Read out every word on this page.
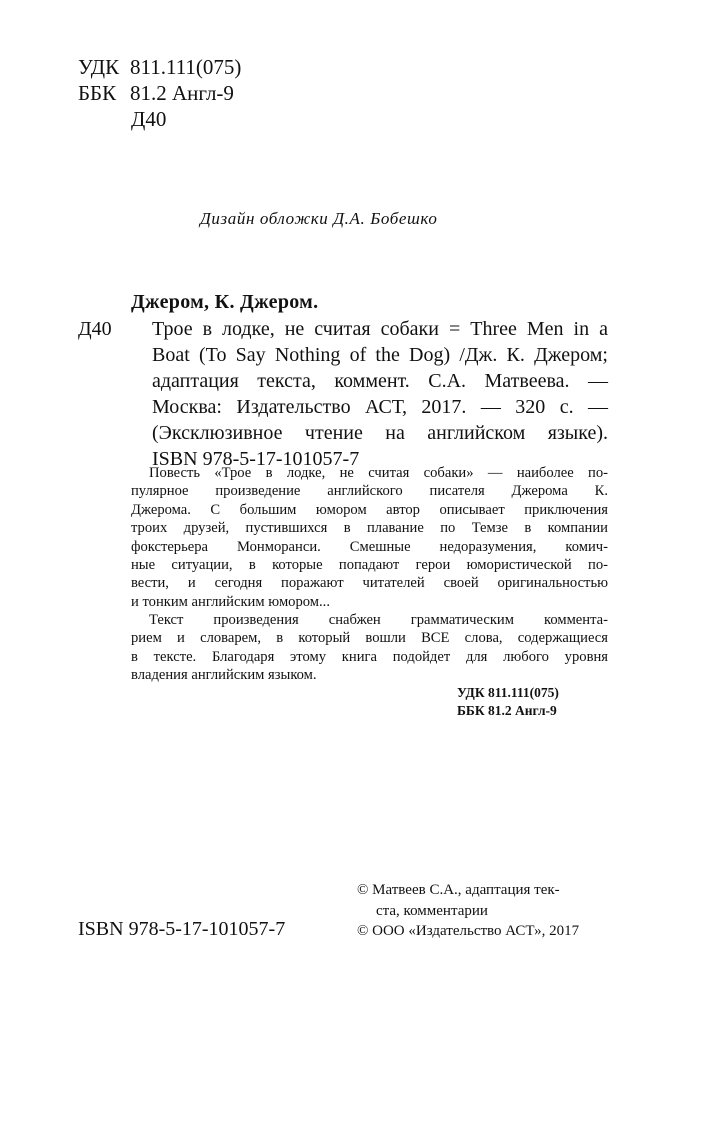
УДК 811.111(075)
ББК 81.2 Англ-9
Д40
Дизайн обложки Д.А. Бобешко
Джером, К. Джером.
Д40 Трое в лодке, не считая собаки = Three Men in a
Boat (To Say Nothing of the Dog) /Дж. К. Джером;
адаптация текста, коммент. С.А. Матвеева. —
Москва: Издательство АСТ, 2017. — 320 с. —
(Эксклюзивное чтение на английском языке).
ISBN 978-5-17-101057-7
Повесть «Трое в лодке, не считая собаки» — наиболее по-
пулярное произведение английского писателя Джерома К.
Джерома. С большим юмором автор описывает приключения
троих друзей, пустившихся в плавание по Темзе в компании
фокстерьера Монморанси. Смешные недоразумения, комич-
ные ситуации, в которые попадают герои юмористической по-
вести, и сегодня поражают читателей своей оригинальностью
и тонким английским юмором...
Текст произведения снабжен грамматическим коммента-
рием и словарем, в который вошли ВСЕ слова, содержащиеся
в тексте. Благодаря этому книга подойдет для любого уровня
владения английским языком.
УДК 811.111(075)
ББК 81.2 Англ-9
© Матвеев С.А., адаптация тек-
ста, комментарии
© ООО «Издательство АСТ», 2017
ISBN 978-5-17-101057-7
